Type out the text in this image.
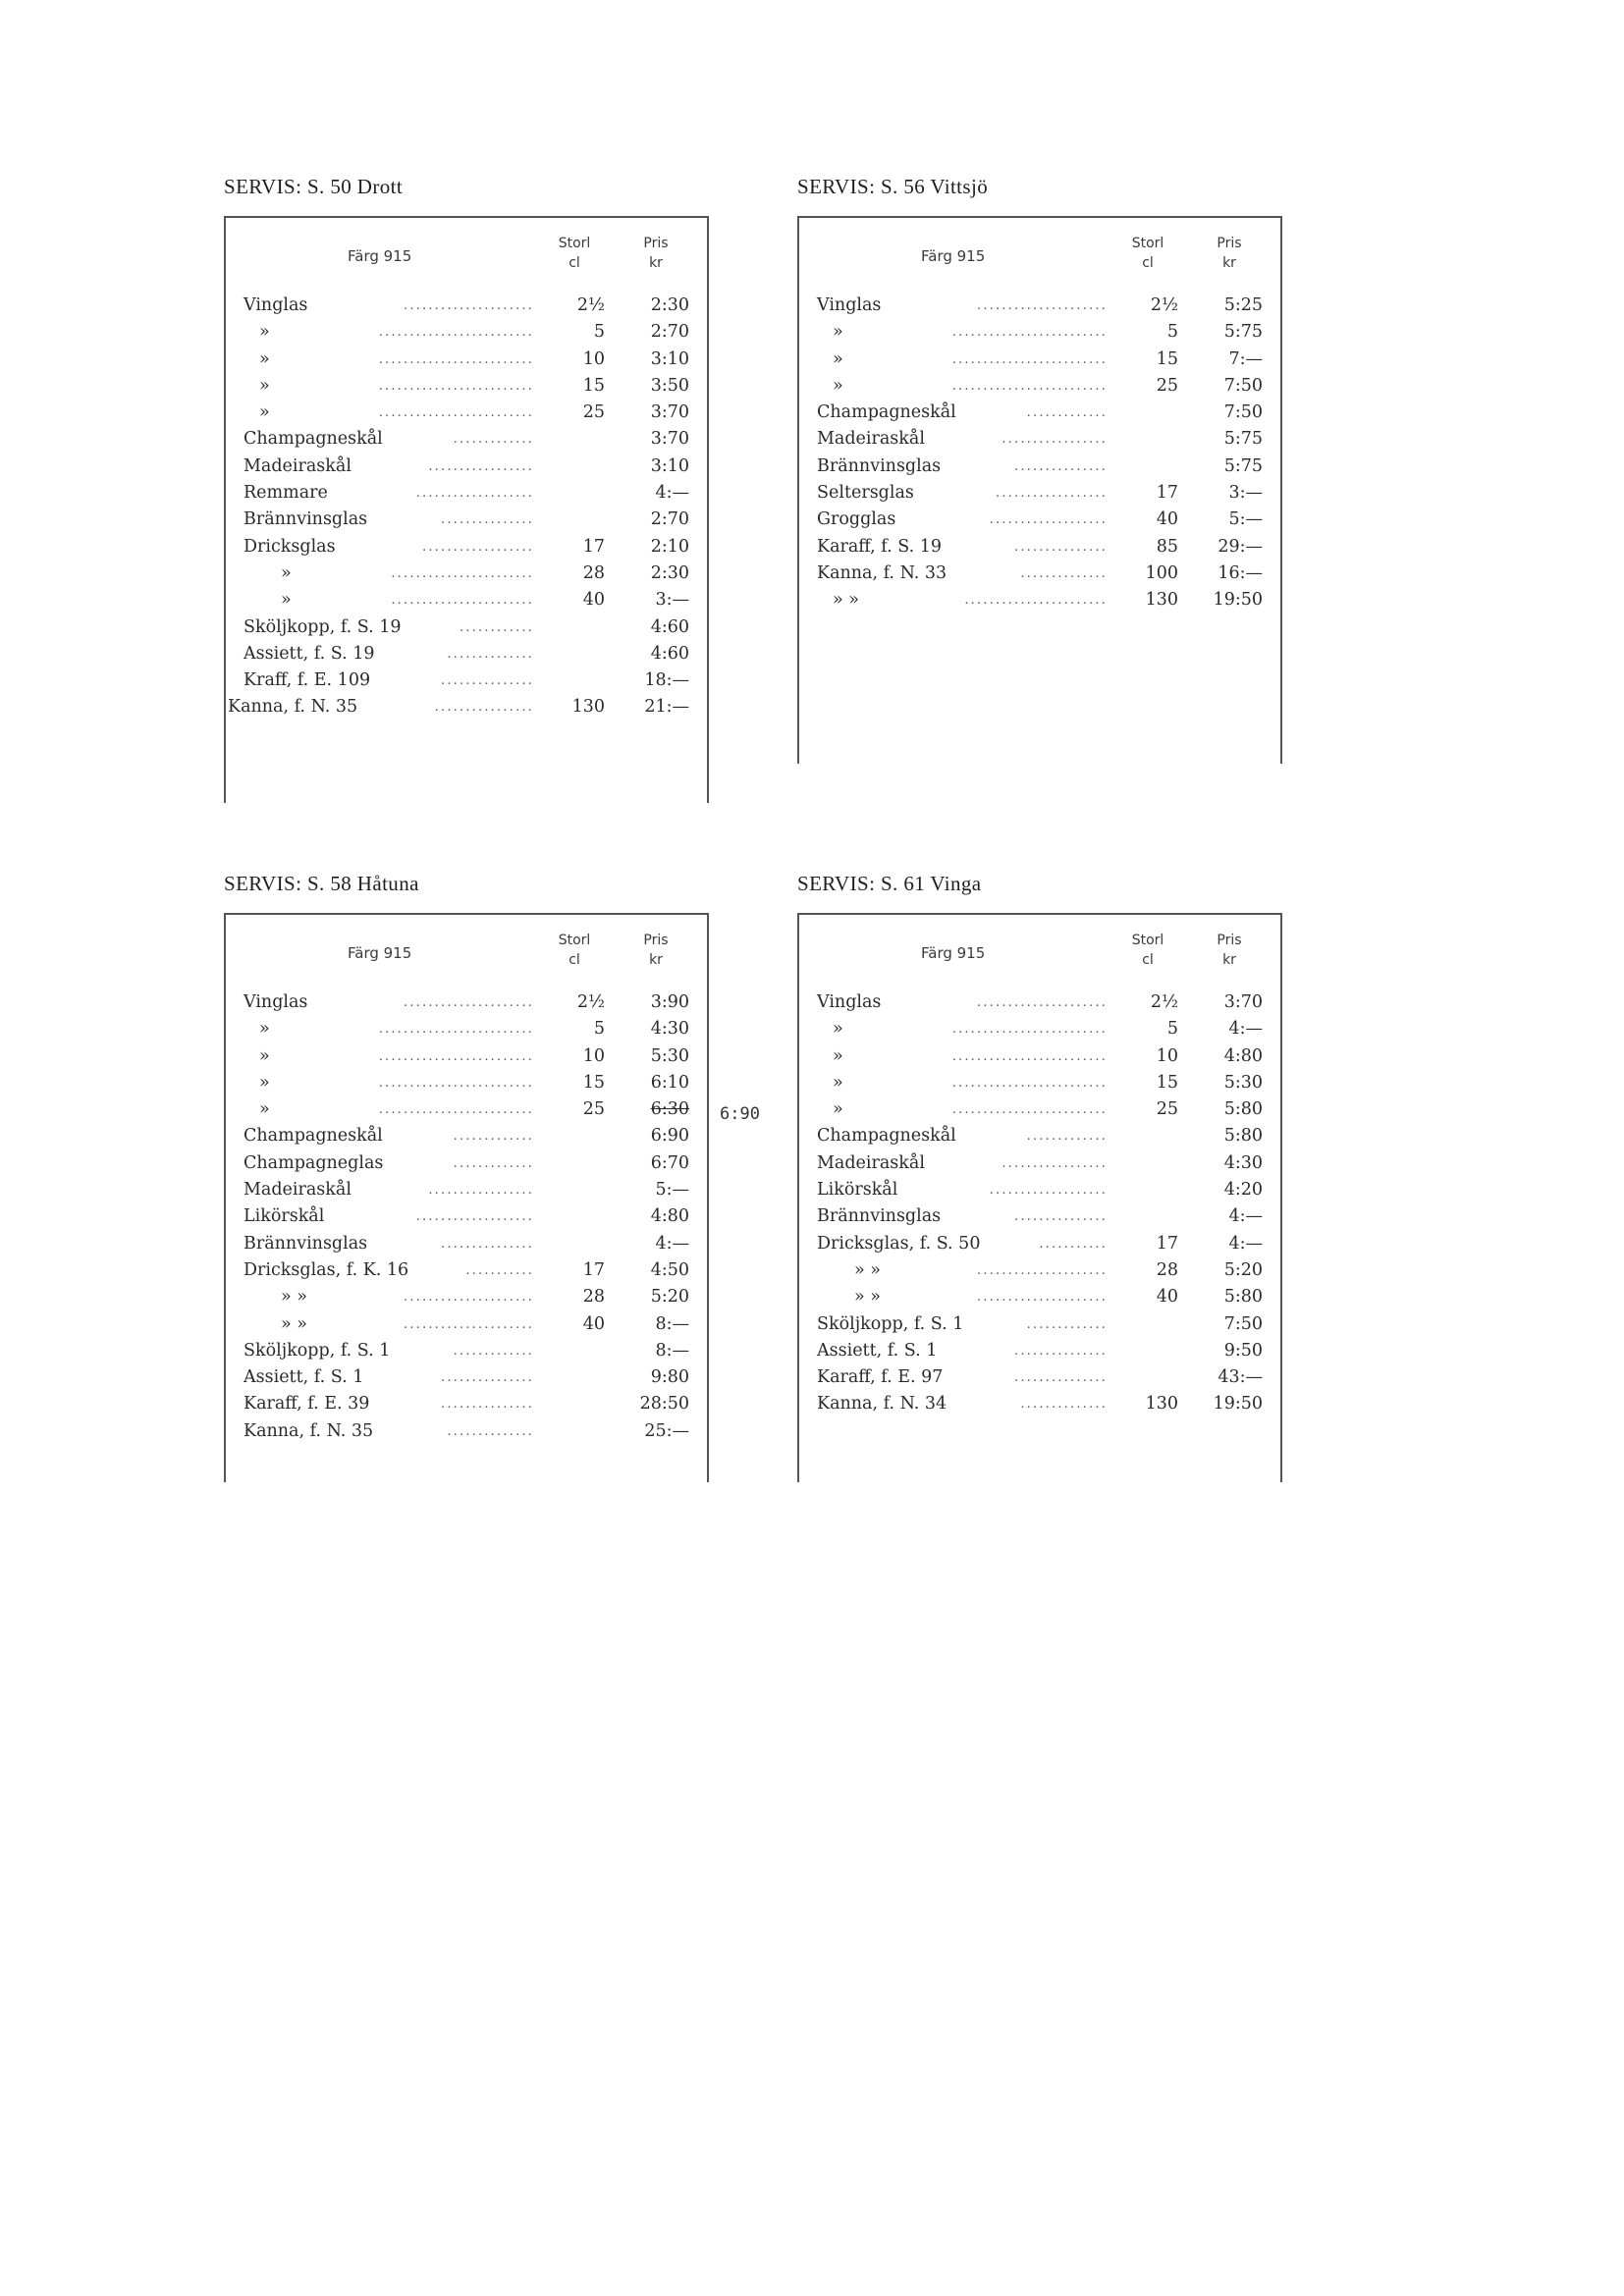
SERVIS: S. 50 Drott
Färg 915
Storl
cl
Pris
kr
Vinglas	.....................	2½	2:30
»	.........................	5	2:70
»	.........................	10	3:10
»	.........................	15	3:50
»	.........................	25	3:70
Champagneskål	.............	3:70
Madeiraskål	.................	3:10
Remmare	...................	4:—
Brännvinsglas	...............	2:70
Dricksglas	..................	17	2:10
»	.......................	28	2:30
»	.......................	40	3:—
Sköljkopp, f. S. 19	............	4:60
Assiett, f. S. 19	..............	4:60
Kraff, f. E. 109	...............	18:—
Kanna, f. N. 35	................	130	21:—
SERVIS: S. 56 Vittsjö
Färg 915
Storl
cl
Pris
kr
Vinglas	.....................	2½	5:25
»	.........................	5	5:75
»	.........................	15	7:—
»	.........................	25	7:50
Champagneskål	.............	7:50
Madeiraskål	.................	5:75
Brännvinsglas	...............	5:75
Seltersglas	..................	17	3:—
Grogglas	...................	40	5:—
Karaff, f. S. 19	...............	85	29:—
Kanna, f. N. 33	..............	100	16:—
» »	.......................	130	19:50
SERVIS: S. 58 Håtuna
Färg 915
Storl
cl
Pris
kr
Vinglas	.....................	2½	3:90
»	.........................	5	4:30
»	.........................	10	5:30
»	.........................	15	6:10
»	.........................	25	6:30
Champagneskål	.............	6:90
Champagneglas	.............	6:70
Madeiraskål	.................	5:—
Likörskål	...................	4:80
Brännvinsglas	...............	4:—
Dricksglas, f. K. 16	...........	17	4:50
» »	.....................	28	5:20
» »	.....................	40	8:—
Sköljkopp, f. S. 1	.............	8:—
Assiett, f. S. 1	...............	9:80
Karaff, f. E. 39	...............	28:50
Kanna, f. N. 35	..............	25:—
6:90
SERVIS: S. 61 Vinga
Färg 915
Storl
cl
Pris
kr
Vinglas	.....................	2½	3:70
»	.........................	5	4:—
»	.........................	10	4:80
»	.........................	15	5:30
»	.........................	25	5:80
Champagneskål	.............	5:80
Madeiraskål	.................	4:30
Likörskål	...................	4:20
Brännvinsglas	...............	4:—
Dricksglas, f. S. 50	...........	17	4:—
» »	.....................	28	5:20
» »	.....................	40	5:80
Sköljkopp, f. S. 1	.............	7:50
Assiett, f. S. 1	...............	9:50
Karaff, f. E. 97	...............	43:—
Kanna, f. N. 34	..............	130	19:50
